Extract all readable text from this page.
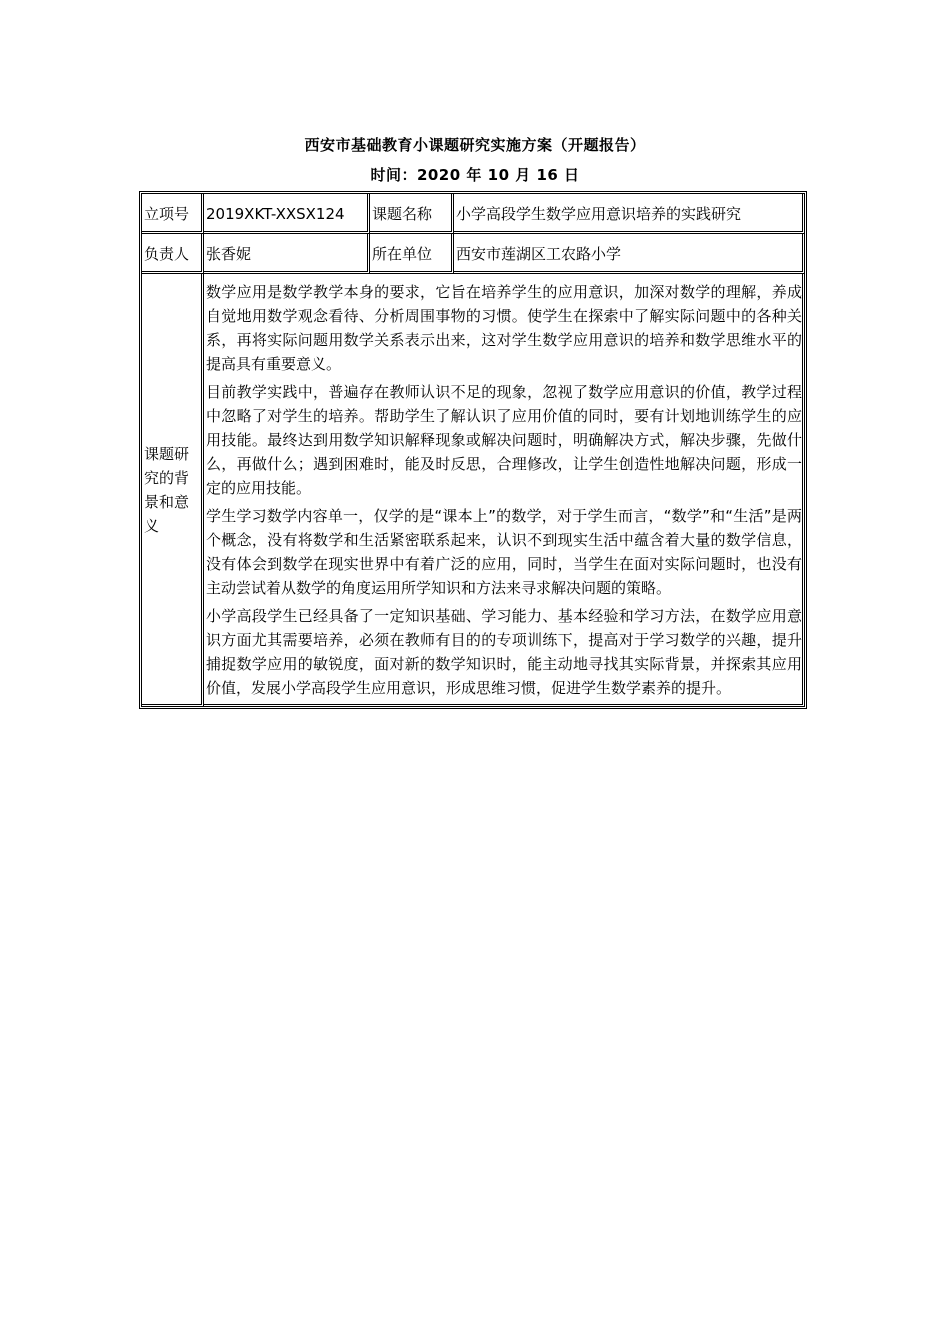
西安市基础教育小课题研究实施方案（开题报告）
时间：2020 年 10 月 16 日
立项号	2019XKT-XXSX124	课题名称	小学高段学生数学应用意识培养的实践研究
负责人	张香妮	所在单位	西安市莲湖区工农路小学
课题研究的背景和意义	数学应用是数学教学本身的要求，它旨在培养学生的应用意识，加深对数学的理解，养成自觉地用数学观念看待、分析周围事物的习惯。使学生在探索中了解实际问题中的各种关系，再将实际问题用数学关系表示出来，这对学生数学应用意识的培养和数学思维水平的提高具有重要意义。

目前教学实践中，普遍存在教师认识不足的现象，忽视了数学应用意识的价值，教学过程中忽略了对学生的培养。帮助学生了解认识了应用价值的同时，要有计划地训练学生的应用技能。最终达到用数学知识解释现象或解决问题时，明确解决方式，解决步骤，先做什么，再做什么；遇到困难时，能及时反思，合理修改，让学生创造性地解决问题，形成一定的应用技能。

学生学习数学内容单一，仅学的是“课本上”的数学，对于学生而言，“数学”和“生活”是两个概念，没有将数学和生活紧密联系起来，认识不到现实生活中蕴含着大量的数学信息，没有体会到数学在现实世界中有着广泛的应用，同时，当学生在面对实际问题时，也没有主动尝试着从数学的角度运用所学知识和方法来寻求解决问题的策略。

小学高段学生已经具备了一定知识基础、学习能力、基本经验和学习方法，在数学应用意识方面尤其需要培养，必须在教师有目的的专项训练下，提高对于学习数学的兴趣，提升捕捉数学应用的敏锐度，面对新的数学知识时，能主动地寻找其实际背景，并探索其应用价值，发展小学高段学生应用意识，形成思维习惯，促进学生数学素养的提升。		
